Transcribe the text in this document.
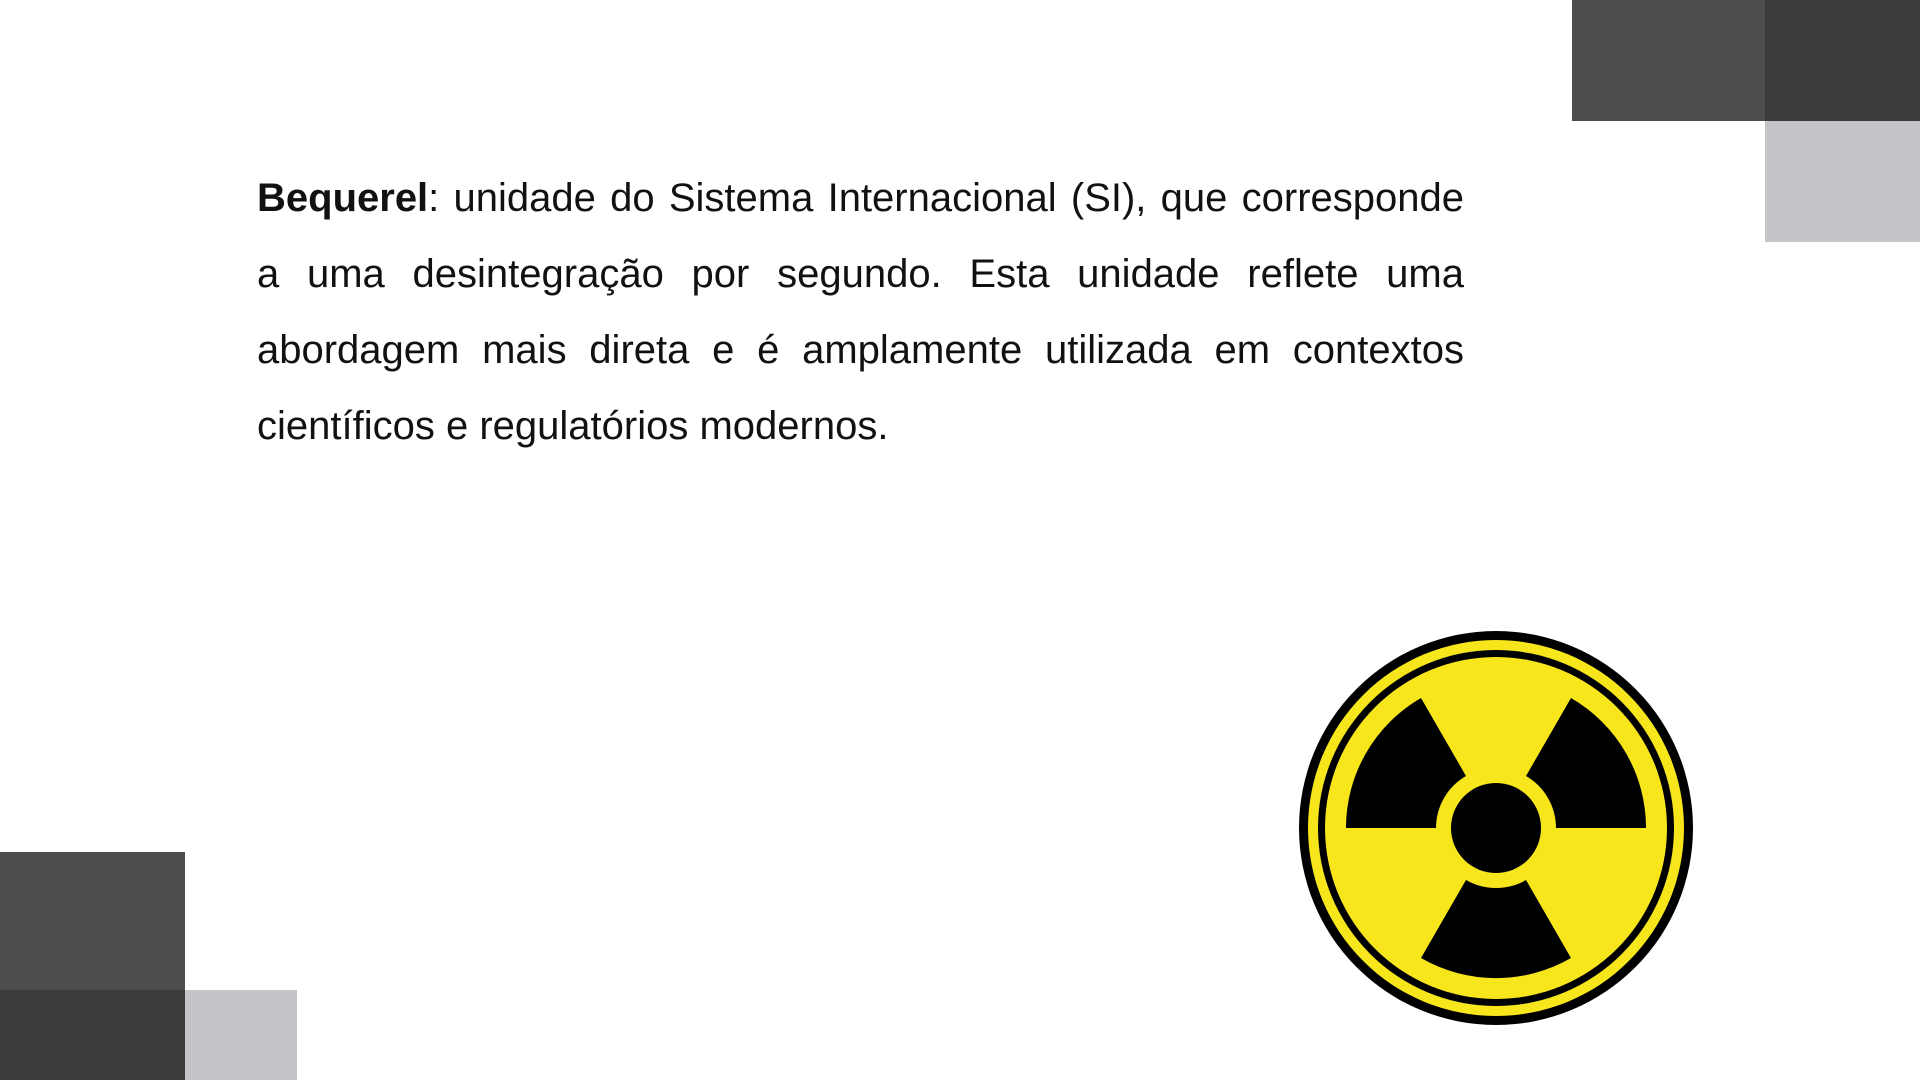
Bequerel: unidade do Sistema Internacional (SI), que corresponde a uma desintegração por segundo. Esta unidade reflete uma abordagem mais direta e é amplamente utilizada em contextos científicos e regulatórios modernos.
